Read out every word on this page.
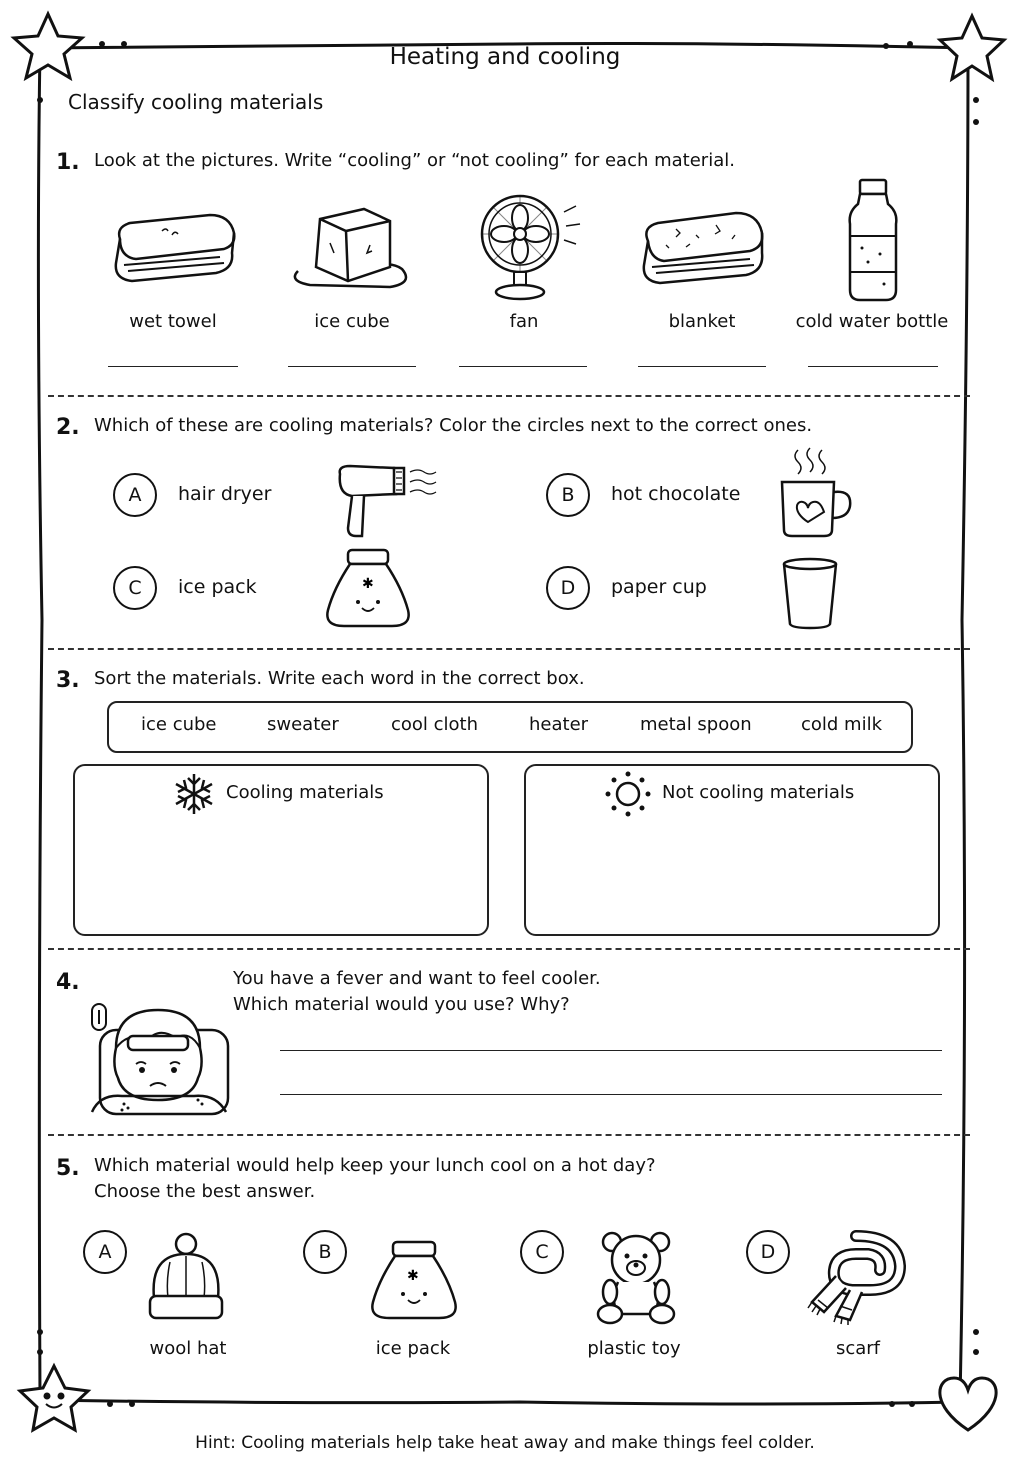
Heating and cooling
Classify cooling materials
1. Look at the pictures. Write “cooling” or “not cooling” for each material.
wet towel	ice cube	fan	blanket	cold water bottle
2. Which of these are cooling materials? Color the circles next to the correct ones.
A	hair dryer	B	hot chocolate
C	ice pack	✱	D	paper cup
3. Sort the materials. Write each word in the correct box.
ice cube	sweater	cool cloth	heater	metal spoon	cold milk
Cooling materials	Not cooling materials
4.	You have a fever and want to feel cooler.
Which material would you use? Why?
5. Which material would help keep your lunch cool on a hot day?
Choose the best answer.
A
wool hat
B
✱
ice pack
C
plastic toy
D
scarf
Hint: Cooling materials help take heat away and make things feel colder.
